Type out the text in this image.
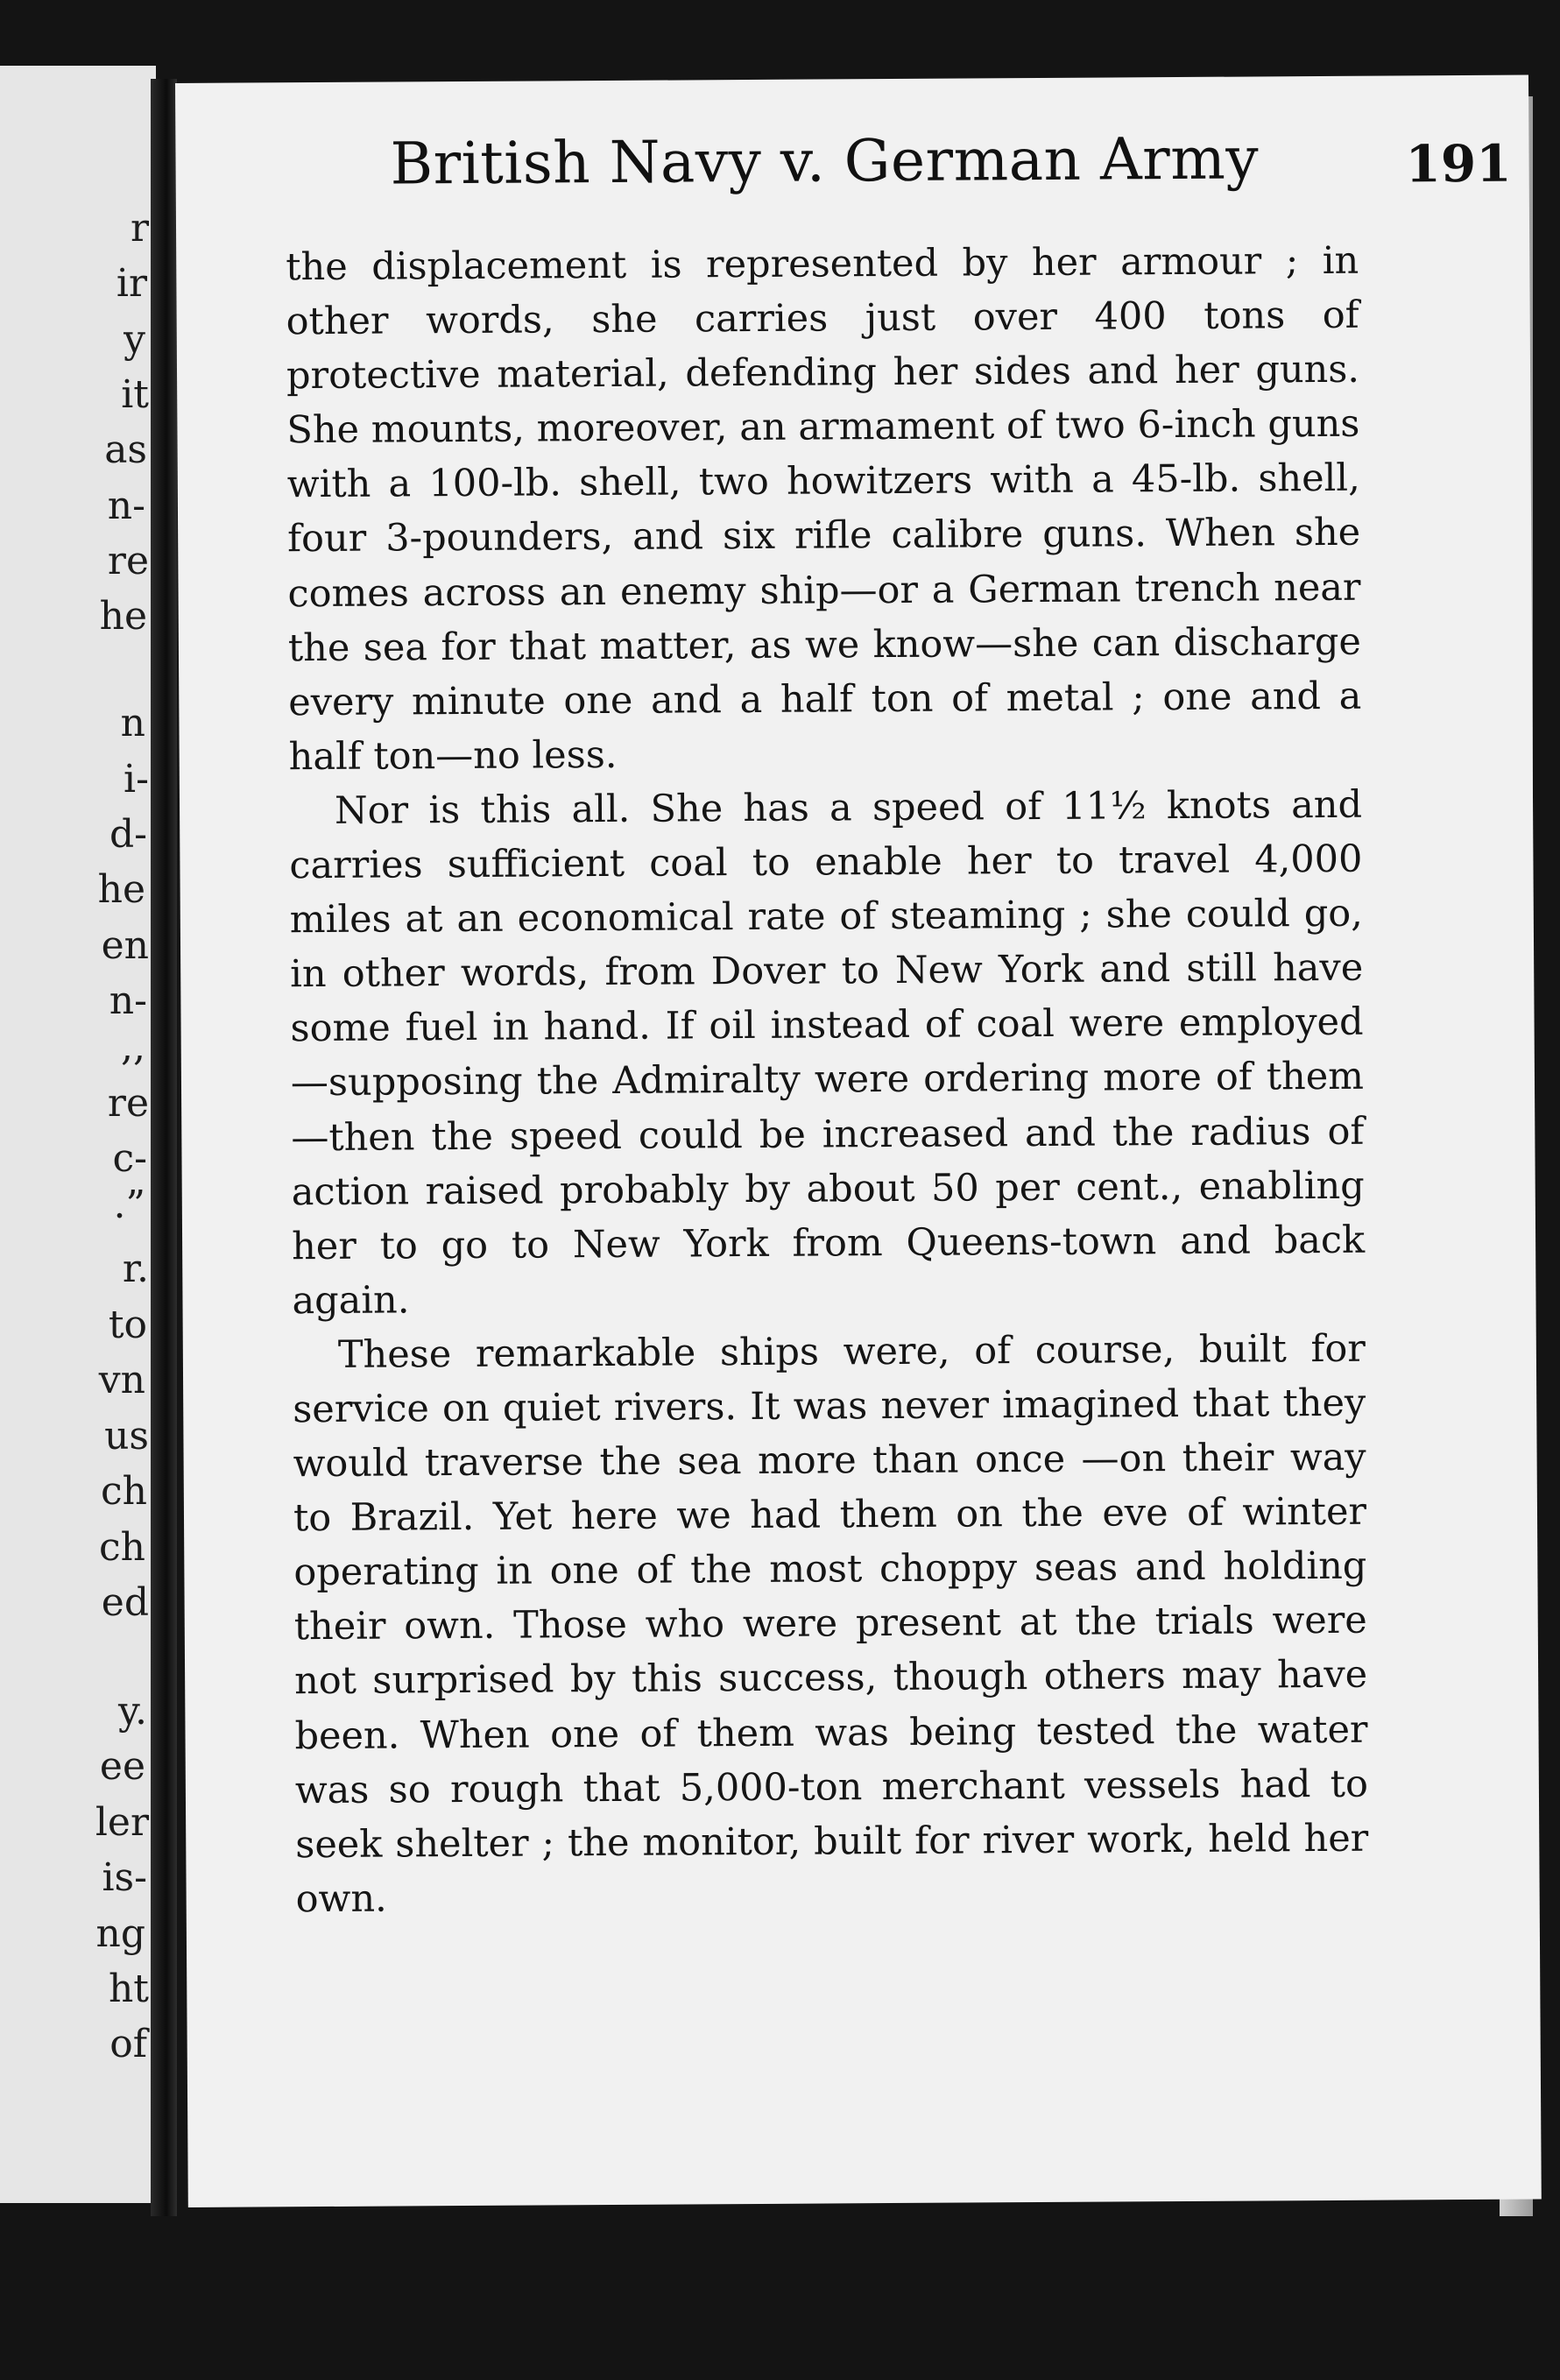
r
ir
y
it
as
n-
re
he
n
i-
d-
he
en
n-
,,
re
c-
.”
r.
to
vn
us
ch
ch
ed
y.
ee
ler
is-
ng
ht
of
British Navy v. German Army	191

the displacement is represented by her armour ; in other words, she carries just over 400 tons of protective material, defending her sides and her guns. She mounts, moreover, an armament of two 6-inch guns with a 100-lb. shell, two howitzers with a 45-lb. shell, four 3-pounders, and six rifle calibre guns. When she comes across an enemy ship—or a German trench near the sea for that matter, as we know—she can discharge every minute one and a half ton of metal ; one and a half ton—no less.

Nor is this all. She has a speed of 11½ knots and carries sufficient coal to enable her to travel 4,000 miles at an economical rate of steaming ; she could go, in other words, from Dover to New York and still have some fuel in hand. If oil instead of coal were employed—supposing the Admiralty were ordering more of them—then the speed could be increased and the radius of action raised probably by about 50 per cent., enabling her to go to New York from Queens-town and back again.

These remarkable ships were, of course, built for service on quiet rivers. It was never imagined that they would traverse the sea more than once —on their way to Brazil. Yet here we had them on the eve of winter operating in one of the most choppy seas and holding their own. Those who were present at the trials were not surprised by this success, though others may have been. When one of them was being tested the water was so rough that 5,000-ton merchant vessels had to seek shelter ; the monitor, built for river work, held her own.
